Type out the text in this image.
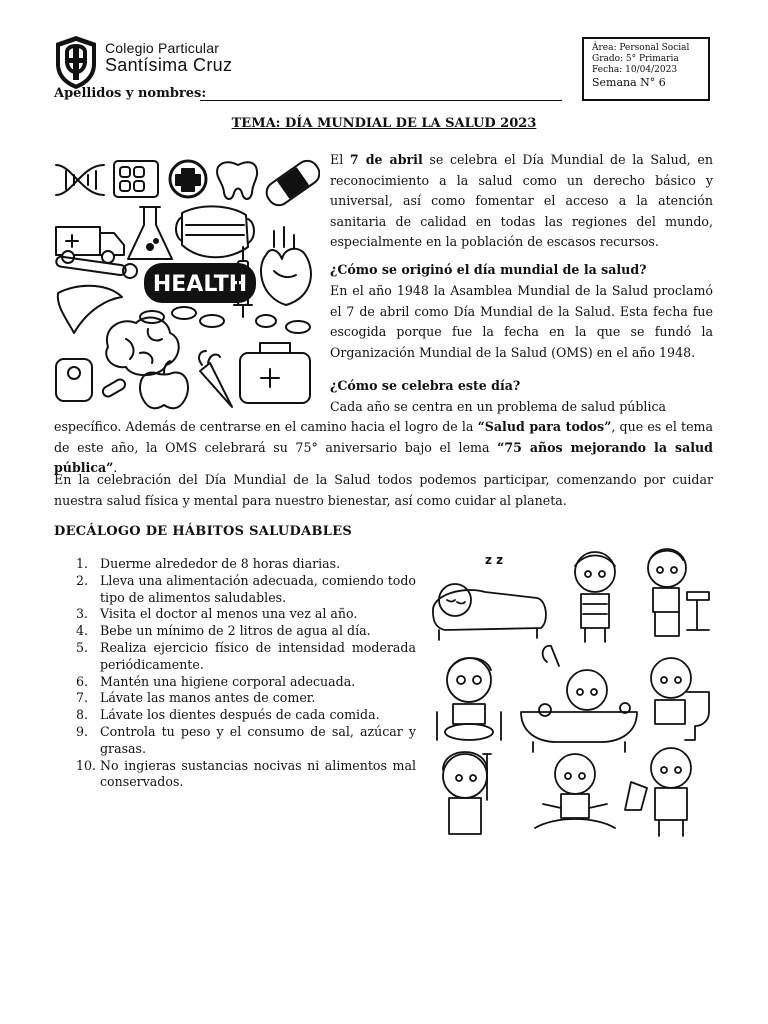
Colegio Particular
Santísima Cruz
Área: Personal Social
Grado: 5° Primaria
Fecha: 10/04/2023
Semana N° 6
Apellidos y nombres:
TEMA: DÍA MUNDIAL DE LA SALUD 2023
HEALTH

El 7 de abril se celebra el Día Mundial de la Salud, en reconocimiento a la salud como un derecho básico y universal, así como fomentar el acceso a la atención sanitaria de calidad en todas las regiones del mundo, especialmente en la población de escasos recursos.

¿Cómo se originó el día mundial de la salud?

En el año 1948 la Asamblea Mundial de la Salud proclamó el 7 de abril como Día Mundial de la Salud. Esta fecha fue escogida porque fue la fecha en la que se fundó la Organización Mundial de la Salud (OMS) en el año 1948.

¿Cómo se celebra este día?

Cada año se centra en un problema de salud pública

específico. Además de centrarse en el camino hacia el logro de la “Salud para todos”, que es el tema de este año, la OMS celebrará su 75° aniversario bajo el lema “75 años mejorando la salud pública”.

En la celebración del Día Mundial de la Salud todos podemos participar, comenzando por cuidar nuestra salud física y mental para nuestro bienestar, así como cuidar al planeta.

DECÁLOGO DE HÁBITOS SALUDABLES
1. Duerme alrededor de 8 horas diarias.
2. Lleva una alimentación adecuada, comiendo todo tipo de alimentos saludables.
3. Visita el doctor al menos una vez al año.
4. Bebe un mínimo de 2 litros de agua al día.
5. Realiza ejercicio físico de intensidad moderada periódicamente.
6. Mantén una higiene corporal adecuada.
7. Lávate las manos antes de comer.
8. Lávate los dientes después de cada comida.
9. Controla tu peso y el consumo de sal, azúcar y grasas.
10. No ingieras sustancias nocivas ni alimentos mal conservados.
z z
